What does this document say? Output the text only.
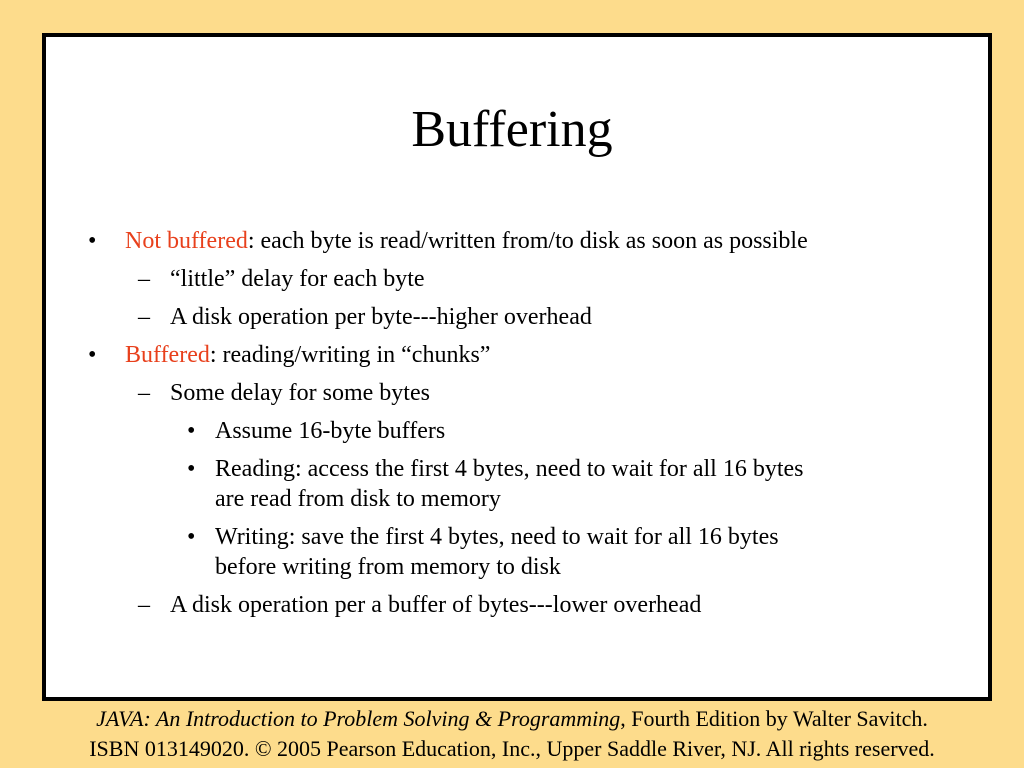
Buffering

• Not buffered: each byte is read/written from/to disk as soon as possible

– “little” delay for each byte

– A disk operation per byte---higher overhead

• Buffered: reading/writing in “chunks”

– Some delay for some bytes

• Assume 16-byte buffers

• Reading: access the first 4 bytes, need to wait for all 16 bytes
are read from disk to memory

• Writing: save the first 4 bytes, need to wait for all 16 bytes
before writing from memory to disk

– A disk operation per a buffer of bytes---lower overhead

JAVA: An Introduction to Problem Solving & Programming, Fourth Edition by Walter Savitch.
ISBN 013149020. © 2005 Pearson Education, Inc., Upper Saddle River, NJ. All rights reserved.
